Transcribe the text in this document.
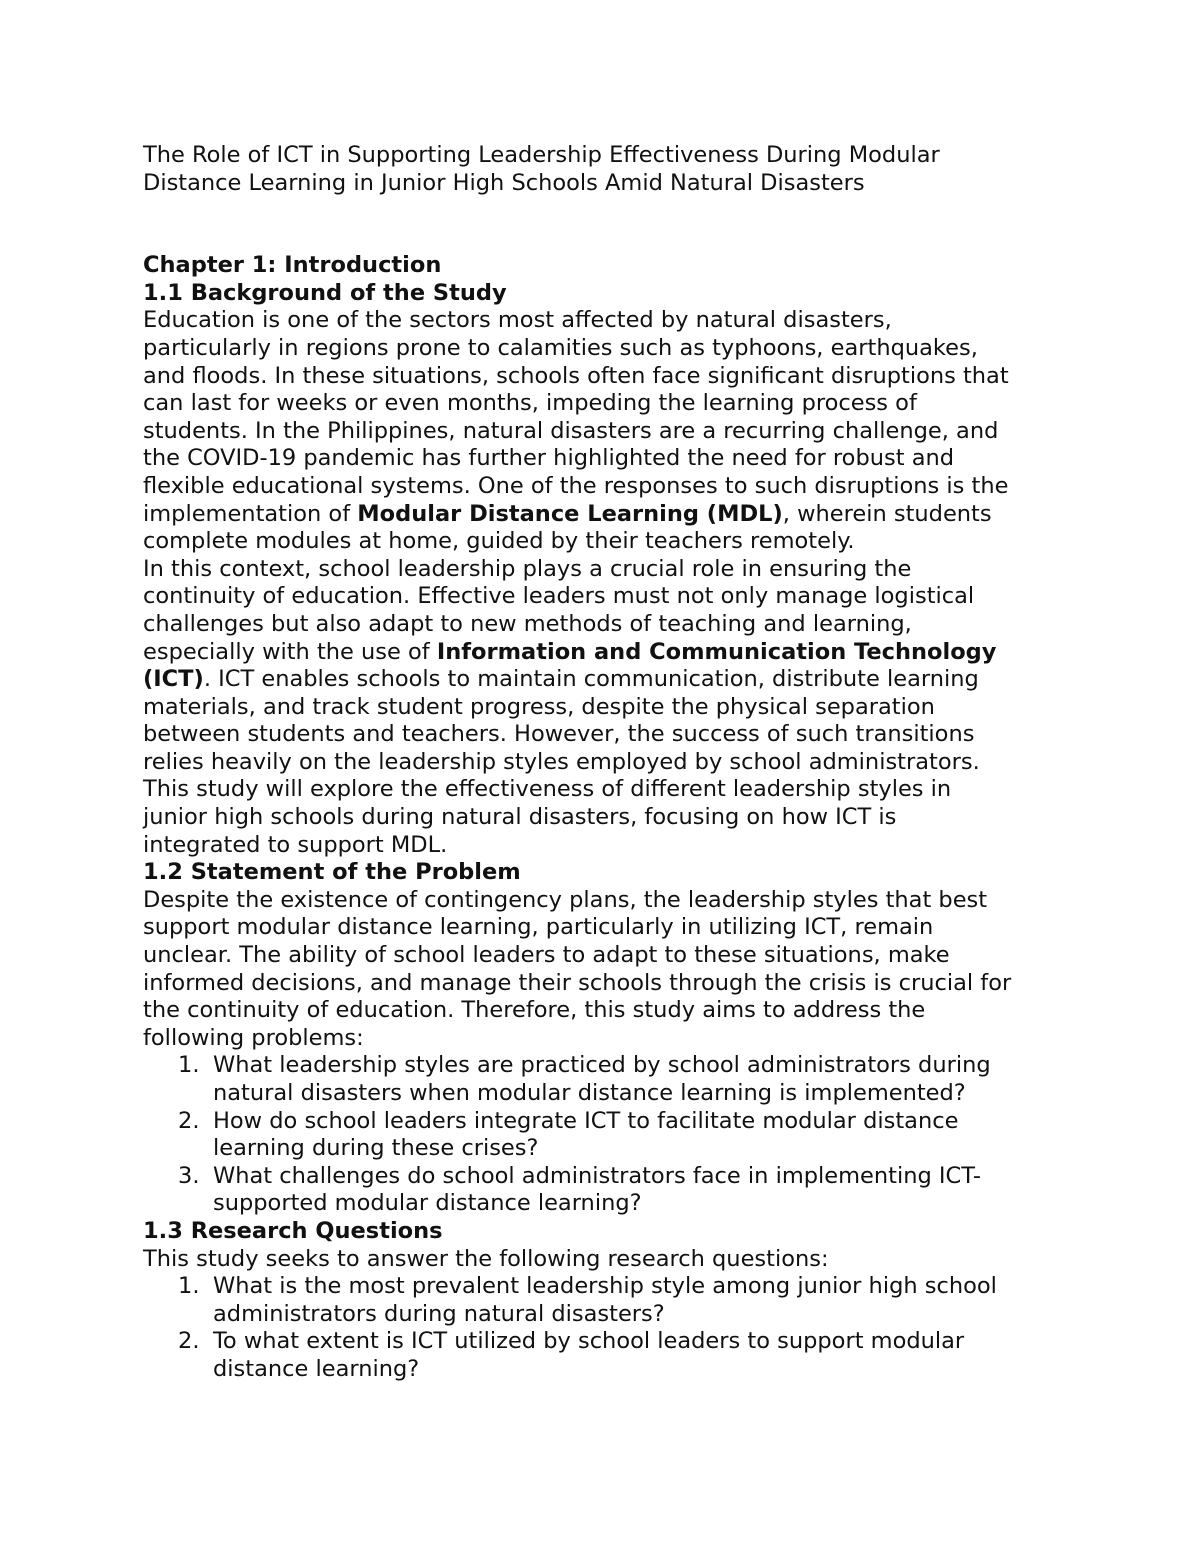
The Role of ICT in Supporting Leadership Effectiveness During Modular
Distance Learning in Junior High Schools Amid Natural Disasters
Chapter 1: Introduction
1.1 Background of the Study

Education is one of the sectors most affected by natural disasters,
particularly in regions prone to calamities such as typhoons, earthquakes,
and floods. In these situations, schools often face significant disruptions that
can last for weeks or even months, impeding the learning process of
students. In the Philippines, natural disasters are a recurring challenge, and
the COVID-19 pandemic has further highlighted the need for robust and
flexible educational systems. One of the responses to such disruptions is the
implementation of Modular Distance Learning (MDL), wherein students
complete modules at home, guided by their teachers remotely.

In this context, school leadership plays a crucial role in ensuring the
continuity of education. Effective leaders must not only manage logistical
challenges but also adapt to new methods of teaching and learning,
especially with the use of Information and Communication Technology
(ICT). ICT enables schools to maintain communication, distribute learning
materials, and track student progress, despite the physical separation
between students and teachers. However, the success of such transitions
relies heavily on the leadership styles employed by school administrators.
This study will explore the effectiveness of different leadership styles in
junior high schools during natural disasters, focusing on how ICT is
integrated to support MDL.

1.2 Statement of the Problem

Despite the existence of contingency plans, the leadership styles that best
support modular distance learning, particularly in utilizing ICT, remain
unclear. The ability of school leaders to adapt to these situations, make
informed decisions, and manage their schools through the crisis is crucial for
the continuity of education. Therefore, this study aims to address the
following problems:

1. What leadership styles are practiced by school administrators during
natural disasters when modular distance learning is implemented?
2. How do school leaders integrate ICT to facilitate modular distance
learning during these crises?
3. What challenges do school administrators face in implementing ICT-
supported modular distance learning?
1.3 Research Questions

This study seeks to answer the following research questions:

1. What is the most prevalent leadership style among junior high school
administrators during natural disasters?
2. To what extent is ICT utilized by school leaders to support modular
distance learning?
